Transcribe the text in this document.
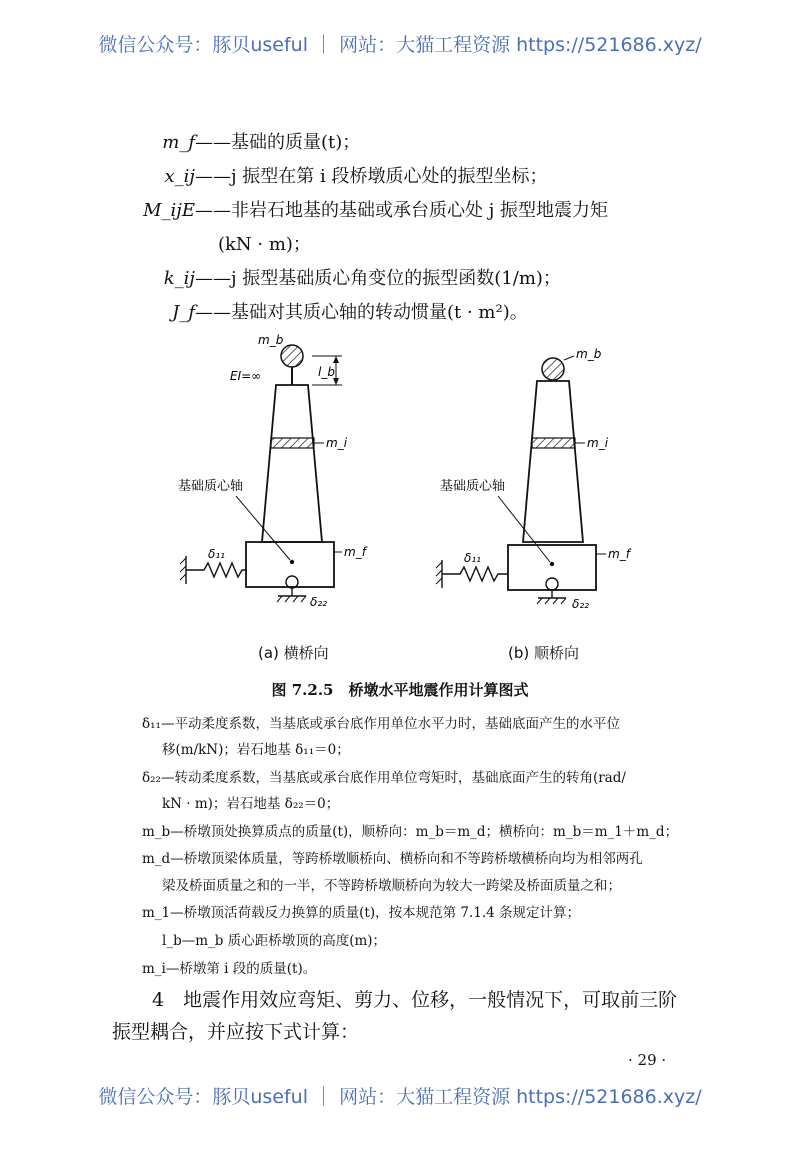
微信公众号：豚贝useful ｜ 网站：大猫工程资源 https://521686.xyz/
微信公众号：豚贝useful ｜ 网站：大猫工程资源 https://521686.xyz/
m_f——基础的质量(t)；
x_ij——j 振型在第 i 段桥墩质心处的振型坐标；
M_ijE——非岩石地基的基础或承台质心处 j 振型地震力矩
(kN · m)；
k_ij——j 振型基础质心角变位的振型函数(1/m)；
J_f——基础对其质心轴的转动惯量(t · m²)。
m_b
EI=∞	l_b
m_i
基础质心轴
m_f
δ₁₁
δ₂₂
m_b
m_i
基础质心轴
m_f
δ₁₁
δ₂₂
(a) 横桥向	(b) 顺桥向
图 7.2.5　桥墩水平地震作用计算图式
δ₁₁—平动柔度系数，当基底或承台底作用单位水平力时，基础底面产生的水平位
移(m/kN)；岩石地基 δ₁₁＝0；
δ₂₂—转动柔度系数，当基底或承台底作用单位弯矩时，基础底面产生的转角(rad/
kN · m)；岩石地基 δ₂₂＝0；
m_b—桥墩顶处换算质点的质量(t)，顺桥向：m_b＝m_d；横桥向：m_b＝m_1＋m_d；
m_d—桥墩顶梁体质量，等跨桥墩顺桥向、横桥向和不等跨桥墩横桥向均为相邻两孔
梁及桥面质量之和的一半，不等跨桥墩顺桥向为较大一跨梁及桥面质量之和；
m_1—桥墩顶活荷载反力换算的质量(t)，按本规范第 7.1.4 条规定计算；
l_b—m_b 质心距桥墩顶的高度(m)；
m_i—桥墩第 i 段的质量(t)。
4　地震作用效应弯矩、剪力、位移，一般情况下，可取前三阶
振型耦合，并应按下式计算：
· 29 ·
